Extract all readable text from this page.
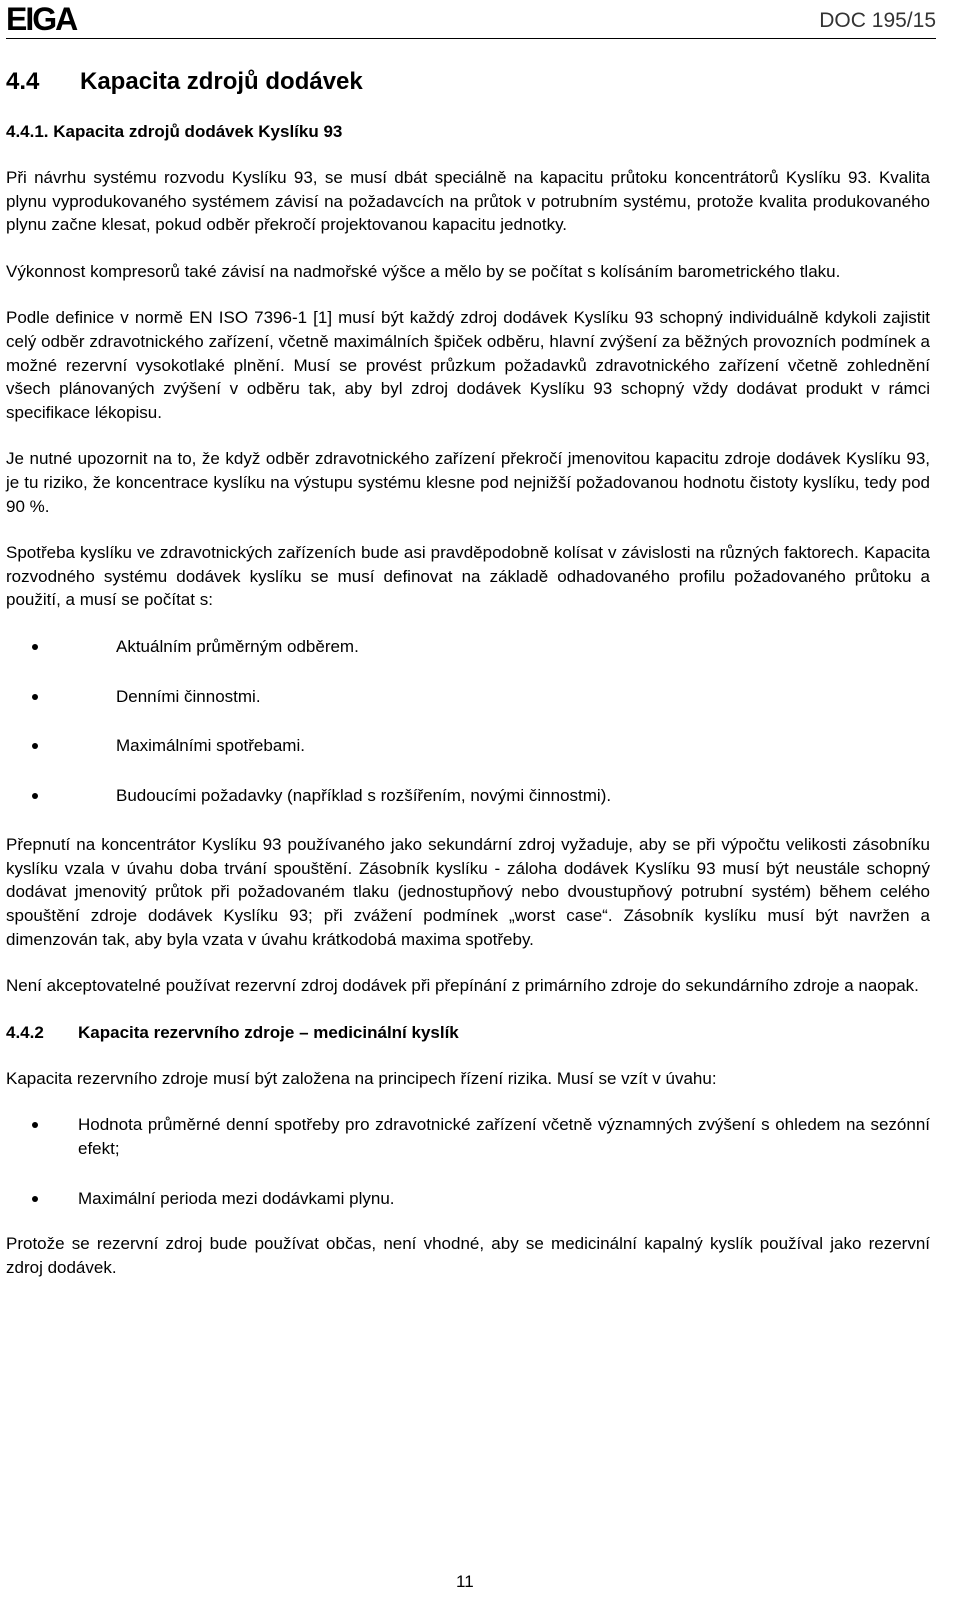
EIGA	DOC 195/15
4.4 Kapacita zdrojů dodávek
4.4.1. Kapacita zdrojů dodávek Kyslíku 93

Při návrhu systému rozvodu Kyslíku 93, se musí dbát speciálně na kapacitu průtoku koncentrátorů Kyslíku 93. Kvalita plynu vyprodukovaného systémem závisí na požadavcích na průtok v potrubním systému, protože kvalita produkovaného plynu začne klesat, pokud odběr překročí projektovanou kapacitu jednotky.

Výkonnost kompresorů také závisí na nadmořské výšce a mělo by se počítat s kolísáním barometrického tlaku.

Podle definice v normě EN ISO 7396-1 [1] musí být každý zdroj dodávek Kyslíku 93 schopný individuálně kdykoli zajistit celý odběr zdravotnického zařízení, včetně maximálních špiček odběru, hlavní zvýšení za běžných provozních podmínek a možné rezervní vysokotlaké plnění. Musí se provést průzkum požadavků zdravotnického zařízení včetně zohlednění všech plánovaných zvýšení v odběru tak, aby byl zdroj dodávek Kyslíku 93 schopný vždy dodávat produkt v rámci specifikace lékopisu.

Je nutné upozornit na to, že když odběr zdravotnického zařízení překročí jmenovitou kapacitu zdroje dodávek Kyslíku 93, je tu riziko, že koncentrace kyslíku na výstupu systému klesne pod nejnižší požadovanou hodnotu čistoty kyslíku, tedy pod 90 %.

Spotřeba kyslíku ve zdravotnických zařízeních bude asi pravděpodobně kolísat v závislosti na různých faktorech. Kapacita rozvodného systému dodávek kyslíku se musí definovat na základě odhadovaného profilu požadovaného průtoku a použití, a musí se počítat s:

Aktuálním průměrným odběrem.
Denními činnostmi.
Maximálními spotřebami.
Budoucími požadavky (například s rozšířením, novými činnostmi).

Přepnutí na koncentrátor Kyslíku 93 používaného jako sekundární zdroj vyžaduje, aby se při výpočtu velikosti zásobníku kyslíku vzala v úvahu doba trvání spouštění. Zásobník kyslíku - záloha dodávek Kyslíku 93 musí být neustále schopný dodávat jmenovitý průtok při požadovaném tlaku (jednostupňový nebo dvoustupňový potrubní systém) během celého spouštění zdroje dodávek Kyslíku 93; při zvážení podmínek „worst case“. Zásobník kyslíku musí být navržen a dimenzován tak, aby byla vzata v úvahu krátkodobá maxima spotřeby.

Není akceptovatelné používat rezervní zdroj dodávek při přepínání z primárního zdroje do sekundárního zdroje a naopak.

4.4.2 Kapacita rezervního zdroje – medicinální kyslík

Kapacita rezervního zdroje musí být založena na principech řízení rizika. Musí se vzít v úvahu:

Hodnota průměrné denní spotřeby pro zdravotnické zařízení včetně významných zvýšení s ohledem na sezónní efekt;
Maximální perioda mezi dodávkami plynu.

Protože se rezervní zdroj bude používat občas, není vhodné, aby se medicinální kapalný kyslík používal jako rezervní zdroj dodávek.

11
